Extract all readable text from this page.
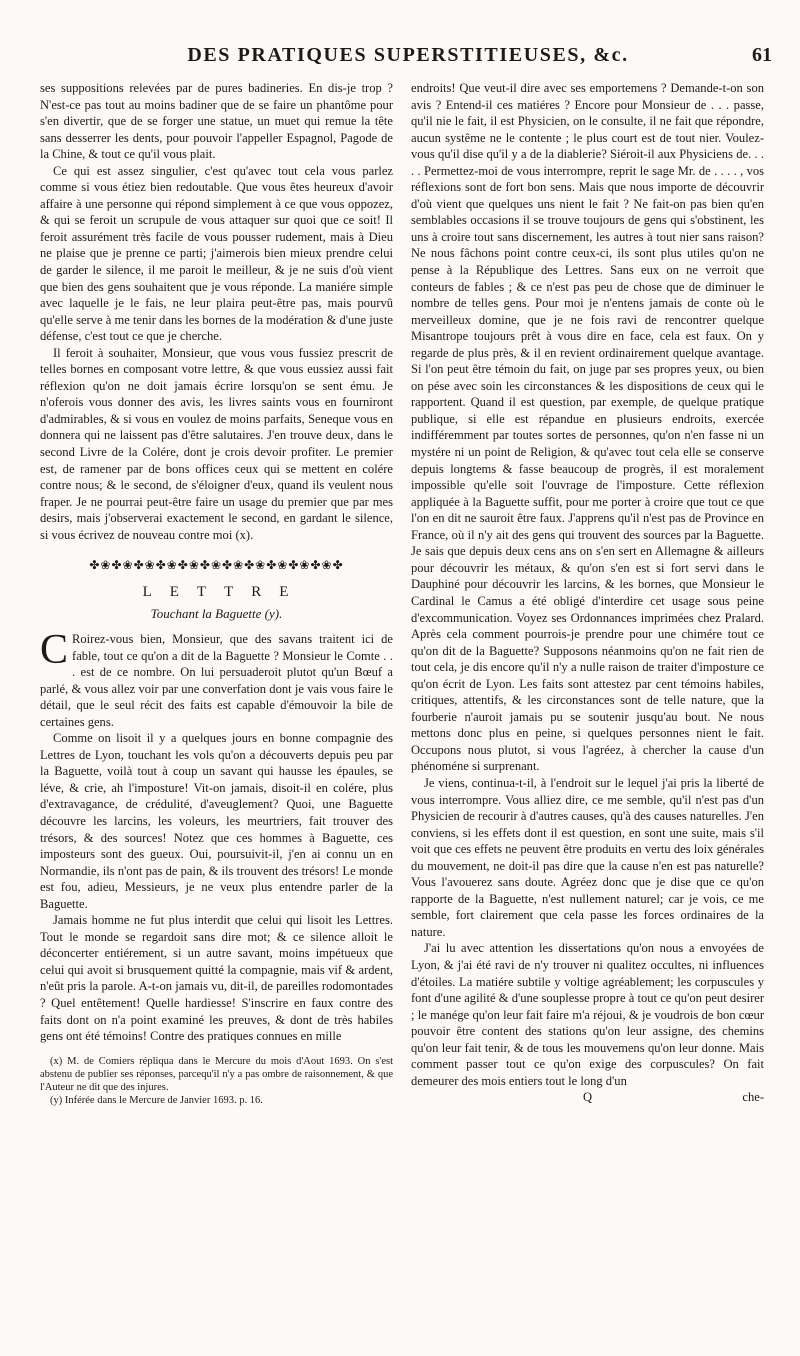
DES PRATIQUES SUPERSTITIEUSES, &c.	61

ses suppositions relevées par de pures badineries. En dis-je trop ? N'est-ce pas tout au moins badiner que de se faire un phantôme pour s'en divertir, que de se forger une statue, un muet qui remue la tête sans desserrer les dents, pour pouvoir l'appeller Espagnol, Pagode de la Chine, & tout ce qu'il vous plait.

Ce qui est assez singulier, c'est qu'avec tout cela vous parlez comme si vous étiez bien redoutable. Que vous êtes heureux d'avoir affaire à une personne qui répond simplement à ce que vous oppozez, & qui se feroit un scrupule de vous attaquer sur quoi que ce soit! Il feroit assurément très facile de vous pousser rudement, mais à Dieu ne plaise que je prenne ce parti; j'aimerois bien mieux prendre celui de garder le silence, il me paroit le meilleur, & je ne suis d'où vient que bien des gens souhaitent que je vous réponde. La maniére simple avec laquelle je le fais, ne leur plaira peut-être pas, mais pourvû qu'elle serve à me tenir dans les bornes de la modération & d'une juste défense, c'est tout ce que je cherche.

Il feroit à souhaiter, Monsieur, que vous vous fussiez prescrit de telles bornes en composant votre lettre, & que vous eussiez aussi fait réflexion qu'on ne doit jamais écrire lorsqu'on se sent ému. Je n'oferois vous donner des avis, les livres saints vous en fourniront d'admirables, & si vous en voulez de moins parfaits, Seneque vous en donnera qui ne laissent pas d'être salutaires. J'en trouve deux, dans le second Livre de la Colére, dont je crois devoir profiter. Le premier est, de ramener par de bons offices ceux qui se mettent en colére contre nous; & le second, de s'éloigner d'eux, quand ils veulent nous fraper. Je ne pourrai peut-être faire un usage du premier que par mes desirs, mais j'observerai exactement le second, en gardant le silence, si vous écrivez de nouveau contre moi (x).

✤❀✤❀✤❀✤❀✤❀✤❀✤❀✤❀✤❀✤❀✤❀✤
LETTRE
Touchant la Baguette (y).

C Roirez-vous bien, Monsieur, que des savans traitent ici de fable, tout ce qu'on a dit de la Baguette ? Monsieur le Comte . . . est de ce nombre. On lui persuaderoit plutot qu'un Bœuf a parlé, & vous allez voir par une converfation dont je vais vous faire le détail, que le seul récit des faits est capable d'émouvoir la bile de certaines gens.

Comme on lisoit il y a quelques jours en bonne compagnie des Lettres de Lyon, touchant les vols qu'on a découverts depuis peu par la Baguette, voilà tout à coup un savant qui hausse les épaules, se léve, & crie, ah l'imposture! Vit-on jamais, disoit-il en colére, plus d'extravagance, de crédulité, d'aveuglement? Quoi, une Baguette découvre les larcins, les voleurs, les meurtriers, fait trouver des trésors, & des sources! Notez que ces hommes à Baguette, ces imposteurs sont des gueux. Oui, poursuivit-il, j'en ai connu un en Normandie, ils n'ont pas de pain, & ils trouvent des trésors! Le monde est fou, adieu, Messieurs, je ne veux plus entendre parler de la Baguette.

Jamais homme ne fut plus interdit que celui qui lisoit les Lettres. Tout le monde se regardoit sans dire mot; & ce silence alloit le déconcerter entiérement, si un autre savant, moins impétueux que celui qui avoit si brusquement quitté la compagnie, mais vif & ardent, n'eût pris la parole. A-t-on jamais vu, dit-il, de pareilles rodomontades ? Quel entêtement! Quelle hardiesse! S'inscrire en faux contre des faits dont on n'a point examiné les preuves, & dont de très habiles gens ont été témoins! Contre des pratiques connues en mille

(x) M. de Comiers répliqua dans le Mercure du mois d'Aout 1693. On s'est abstenu de publier ses réponses, parcequ'il n'y a pas ombre de raisonnement, & que l'Auteur ne dit que des injures.

(y) Inférée dans le Mercure de Janvier 1693. p. 16.

endroits! Que veut-il dire avec ses emportemens ? Demande-t-on son avis ? Entend-il ces matiéres ? Encore pour Monsieur de . . . passe, qu'il nie le fait, il est Physicien, on le consulte, il ne fait que répondre, aucun systême ne le contente ; le plus court est de tout nier. Voulez-vous qu'il dise qu'il y a de la diablerie? Siéroit-il aux Physiciens de. . . . . Permettez-moi de vous interrompre, reprit le sage Mr. de . . . . , vos réflexions sont de fort bon sens. Mais que nous importe de découvrir d'où vient que quelques uns nient le fait ? Ne fait-on pas bien qu'en semblables occasions il se trouve toujours de gens qui s'obstinent, les uns à croire tout sans discernement, les autres à tout nier sans raison? Ne nous fâchons point contre ceux-ci, ils sont plus utiles qu'on ne pense à la République des Lettres. Sans eux on ne verroit que conteurs de fables ; & ce n'est pas peu de chose que de diminuer le nombre de telles gens. Pour moi je n'entens jamais de conte où le merveilleux domine, que je ne fois ravi de rencontrer quelque Misantrope toujours prêt à vous dire en face, cela est faux. On y regarde de plus près, & il en revient ordinairement quelque avantage. Si l'on peut être témoin du fait, on juge par ses propres yeux, ou bien on pése avec soin les circonstances & les dispositions de ceux qui le rapportent. Quand il est question, par exemple, de quelque pratique publique, si elle est répandue en plusieurs endroits, exercée indifféremment par toutes sortes de personnes, qu'on n'en fasse ni un mystére ni un point de Religion, & qu'avec tout cela elle se conserve depuis longtems & fasse beaucoup de progrès, il est moralement impossible qu'elle soit l'ouvrage de l'imposture. Cette réflexion appliquée à la Baguette suffit, pour me porter à croire que tout ce que l'on en dit ne sauroit être faux. J'apprens qu'il n'est pas de Province en France, où il n'y ait des gens qui trouvent des sources par la Baguette. Je sais que depuis deux cens ans on s'en sert en Allemagne & ailleurs pour découvrir les métaux, & qu'on s'en est si fort servi dans le Dauphiné pour découvrir les larcins, & les bornes, que Monsieur le Cardinal le Camus a été obligé d'interdire cet usage sous peine d'excommunication. Voyez ses Ordonnances imprimées chez Pralard. Après cela comment pourrois-je prendre pour une chimére tout ce qu'on dit de la Baguette? Supposons néanmoins qu'on ne fait rien de tout cela, je dis encore qu'il n'y a nulle raison de traiter d'imposture ce qu'on écrit de Lyon. Les faits sont attestez par cent témoins habiles, critiques, attentifs, & les circonstances sont de telle nature, que la fourberie n'auroit jamais pu se soutenir jusqu'au bout. Ne nous mettons donc plus en peine, si quelques personnes nient le fait. Occupons nous plutot, si vous l'agréez, à chercher la cause d'un phénoméne si surprenant.

Je viens, continua-t-il, à l'endroit sur le lequel j'ai pris la liberté de vous interrompre. Vous alliez dire, ce me semble, qu'il n'est pas d'un Physicien de recourir à d'autres causes, qu'à des causes naturelles. J'en conviens, si les effets dont il est question, en sont une suite, mais s'il voit que ces effets ne peuvent être produits en vertu des loix générales du mouvement, ne doit-il pas dire que la cause n'en est pas naturelle? Vous l'avouerez sans doute. Agréez donc que je dise que ce qu'on rapporte de la Baguette, n'est nullement naturel; car je vois, ce me semble, fort clairement que cela passe les forces ordinaires de la nature.

J'ai lu avec attention les dissertations qu'on nous a envoyées de Lyon, & j'ai été ravi de n'y trouver ni qualitez occultes, ni influences d'étoiles. La matiére subtile y voltige agréablement; les corpuscules y font d'une agilité & d'une souplesse propre à tout ce qu'on peut desirer ; le manége qu'on leur fait faire m'a réjoui, & je voudrois de bon cœur pouvoir être content des stations qu'on leur assigne, des chemins qu'on leur fait tenir, & de tous les mouvemens qu'on leur donne. Mais comment passer tout ce qu'on exige des corpuscules? On fait demeurer des mois entiers tout le long d'un

Q	che-
